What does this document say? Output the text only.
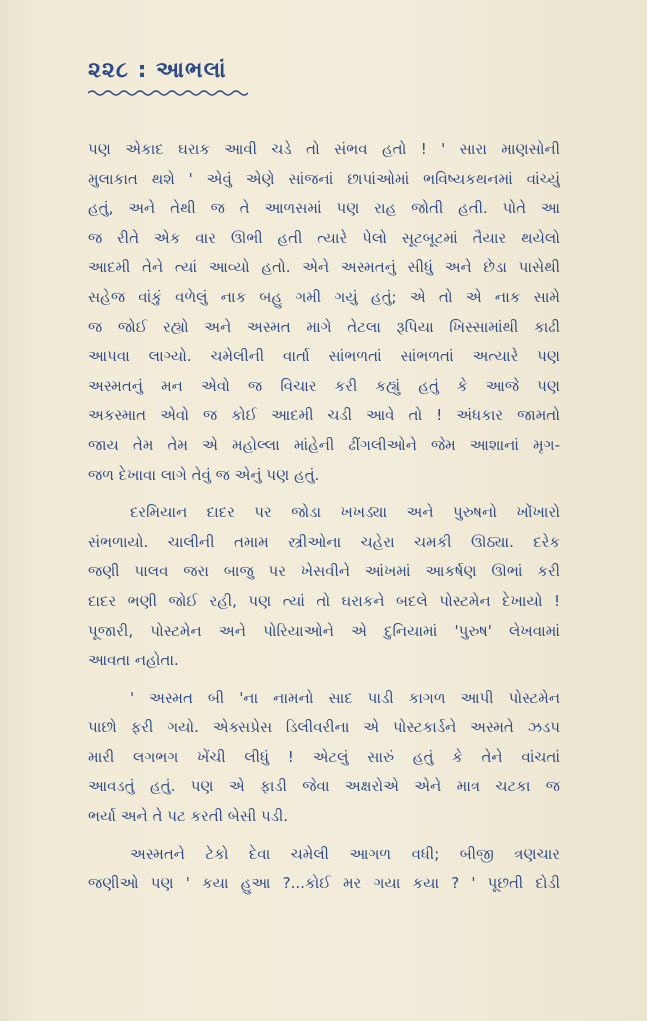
૨૨૮ : આભલાં
પણ એકાદ ઘરાક આવી ચડે તો સંભવ હતો ! ' સારા માણસોની
મુલાકાત થશે ' એવું એણે સાંજનાં છાપાંઓમાં ભવિષ્યકથનમાં વાંચ્યું
હતું, અને તેથી જ તે આળસમાં પણ રાહ જોતી હતી. પોતે આ
જ રીતે એક વાર ઊભી હતી ત્યારે પેલો સૂટબૂટમાં તૈયાર થયેલો
આદમી તેને ત્યાં આવ્યો હતો. એને અસ્મતનું સીધું અને છેડા પાસેથી
સહેજ વાંકું વળેલું નાક બહુ ગમી ગયું હતું; એ તો એ નાક સામે
જ જોઈ રહ્યો અને અસ્મત માગે તેટલા રૂપિયા ખિસ્સામાંથી કાઢી
આપવા લાગ્યો. ચમેલીની વાર્તા સાંભળતાં સાંભળતાં અત્યારે પણ
અસ્મતનું મન એવો જ વિચાર કરી કહ્યું હતું કે આજે પણ
અકસ્માત એવો જ કોઈ આદમી ચડી આવે તો ! અંધકાર જામતો
જાય તેમ તેમ એ મહોલ્લા માંહેની ઢીંગલીઓને જેમ આશાનાં મૃગ-
જળ દેખાવા લાગે તેવું જ એનું પણ હતું.
દરમિયાન દાદર પર જોડા ખખડ્યા અને પુરુષનો ખોંખારો
સંભળાયો. ચાલીની તમામ સ્ત્રીઓના ચહેરા ચમકી ઊઠ્યા. દરેક
જણી પાલવ જરા બાજુ પર ખેસવીને આંખમાં આકર્ષણ ઊભાં કરી
દાદર ભણી જોઈ રહી, પણ ત્યાં તો ઘરાકને બદલે પોસ્ટમેન દેખાયો !
પૂજારી, પોસ્ટમેન અને પોરિયાઓને એ દુનિયામાં 'પુરુષ' લેખવામાં
આવતા નહોતા.
' અસ્મત બી 'ના નામનો સાદ પાડી કાગળ આપી પોસ્ટમેન
પાછો ફરી ગયો. એક્સપ્રેસ ડિલીવરીના એ પોસ્ટકાર્ડને અસ્મતે ઝડપ
મારી લગભગ ખેંચી લીધું ! એટલું સારું હતું કે તેને વાંચતાં
આવડતું હતું. પણ એ ફાડી જેવા અક્ષરોએ એને માત્ર ચટકા જ
ભર્યા અને તે પટ કરતી બેસી પડી.
અસ્મતને ટેકો દેવા ચમેલી આગળ વધી; બીજી ત્રણચાર
જણીઓ પણ ' કયા હુઆ ?...કોઈ મર ગયા કયા ? ' પૂછતી દોડી
